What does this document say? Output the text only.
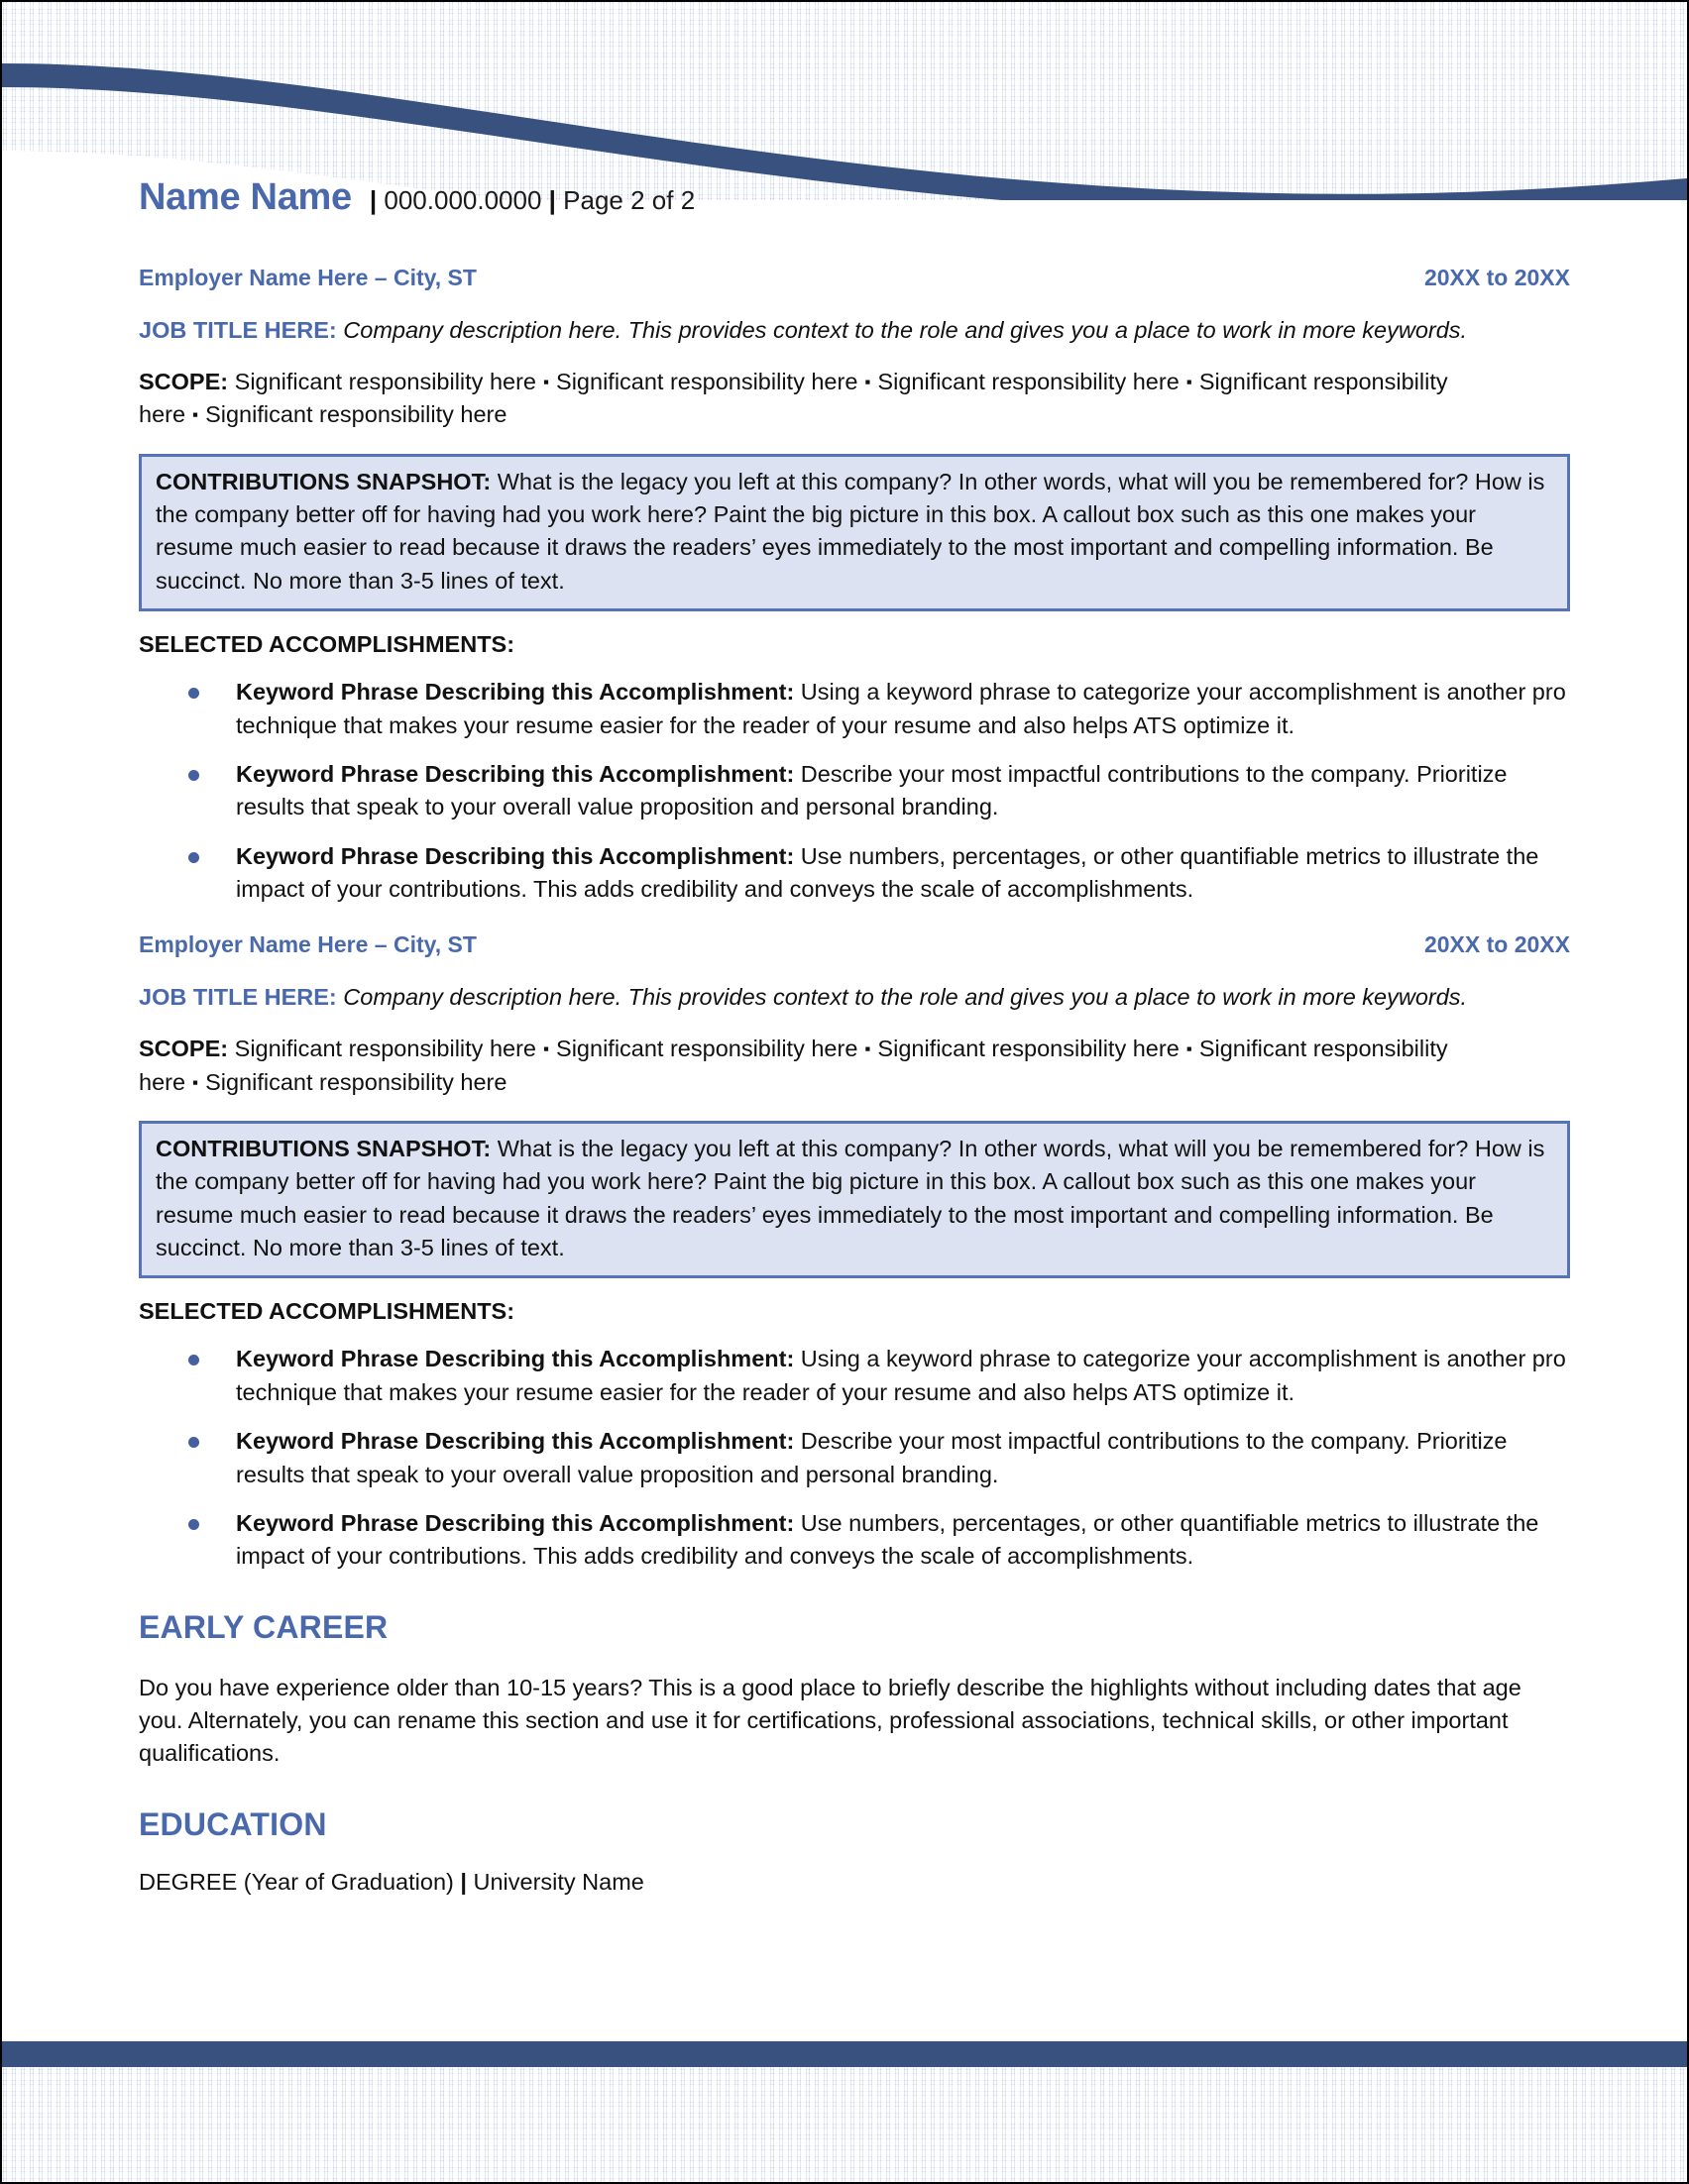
Name Name | 000.000.0000 | Page 2 of 2
Employer Name Here – City, ST	20XX to 20XX
JOB TITLE HERE: Company description here. This provides context to the role and gives you a place to work in more keywords.
SCOPE: Significant responsibility here ▪ Significant responsibility here ▪ Significant responsibility here ▪ Significant responsibility here ▪ Significant responsibility here
CONTRIBUTIONS SNAPSHOT: What is the legacy you left at this company? In other words, what will you be remembered for? How is the company better off for having had you work here? Paint the big picture in this box. A callout box such as this one makes your resume much easier to read because it draws the readers’ eyes immediately to the most important and compelling information. Be succinct. No more than 3-5 lines of text.
SELECTED ACCOMPLISHMENTS:
Keyword Phrase Describing this Accomplishment: Using a keyword phrase to categorize your accomplishment is another pro technique that makes your resume easier for the reader of your resume and also helps ATS optimize it.
Keyword Phrase Describing this Accomplishment: Describe your most impactful contributions to the company. Prioritize results that speak to your overall value proposition and personal branding.
Keyword Phrase Describing this Accomplishment: Use numbers, percentages, or other quantifiable metrics to illustrate the impact of your contributions. This adds credibility and conveys the scale of accomplishments.
Employer Name Here – City, ST	20XX to 20XX
JOB TITLE HERE: Company description here. This provides context to the role and gives you a place to work in more keywords.
SCOPE: Significant responsibility here ▪ Significant responsibility here ▪ Significant responsibility here ▪ Significant responsibility here ▪ Significant responsibility here
CONTRIBUTIONS SNAPSHOT: What is the legacy you left at this company? In other words, what will you be remembered for? How is the company better off for having had you work here? Paint the big picture in this box. A callout box such as this one makes your resume much easier to read because it draws the readers’ eyes immediately to the most important and compelling information. Be succinct. No more than 3-5 lines of text.
SELECTED ACCOMPLISHMENTS:
Keyword Phrase Describing this Accomplishment: Using a keyword phrase to categorize your accomplishment is another pro technique that makes your resume easier for the reader of your resume and also helps ATS optimize it.
Keyword Phrase Describing this Accomplishment: Describe your most impactful contributions to the company. Prioritize results that speak to your overall value proposition and personal branding.
Keyword Phrase Describing this Accomplishment: Use numbers, percentages, or other quantifiable metrics to illustrate the impact of your contributions. This adds credibility and conveys the scale of accomplishments.
EARLY CAREER
Do you have experience older than 10-15 years? This is a good place to briefly describe the highlights without including dates that age you. Alternately, you can rename this section and use it for certifications, professional associations, technical skills, or other important qualifications.
EDUCATION
DEGREE (Year of Graduation) | University Name
